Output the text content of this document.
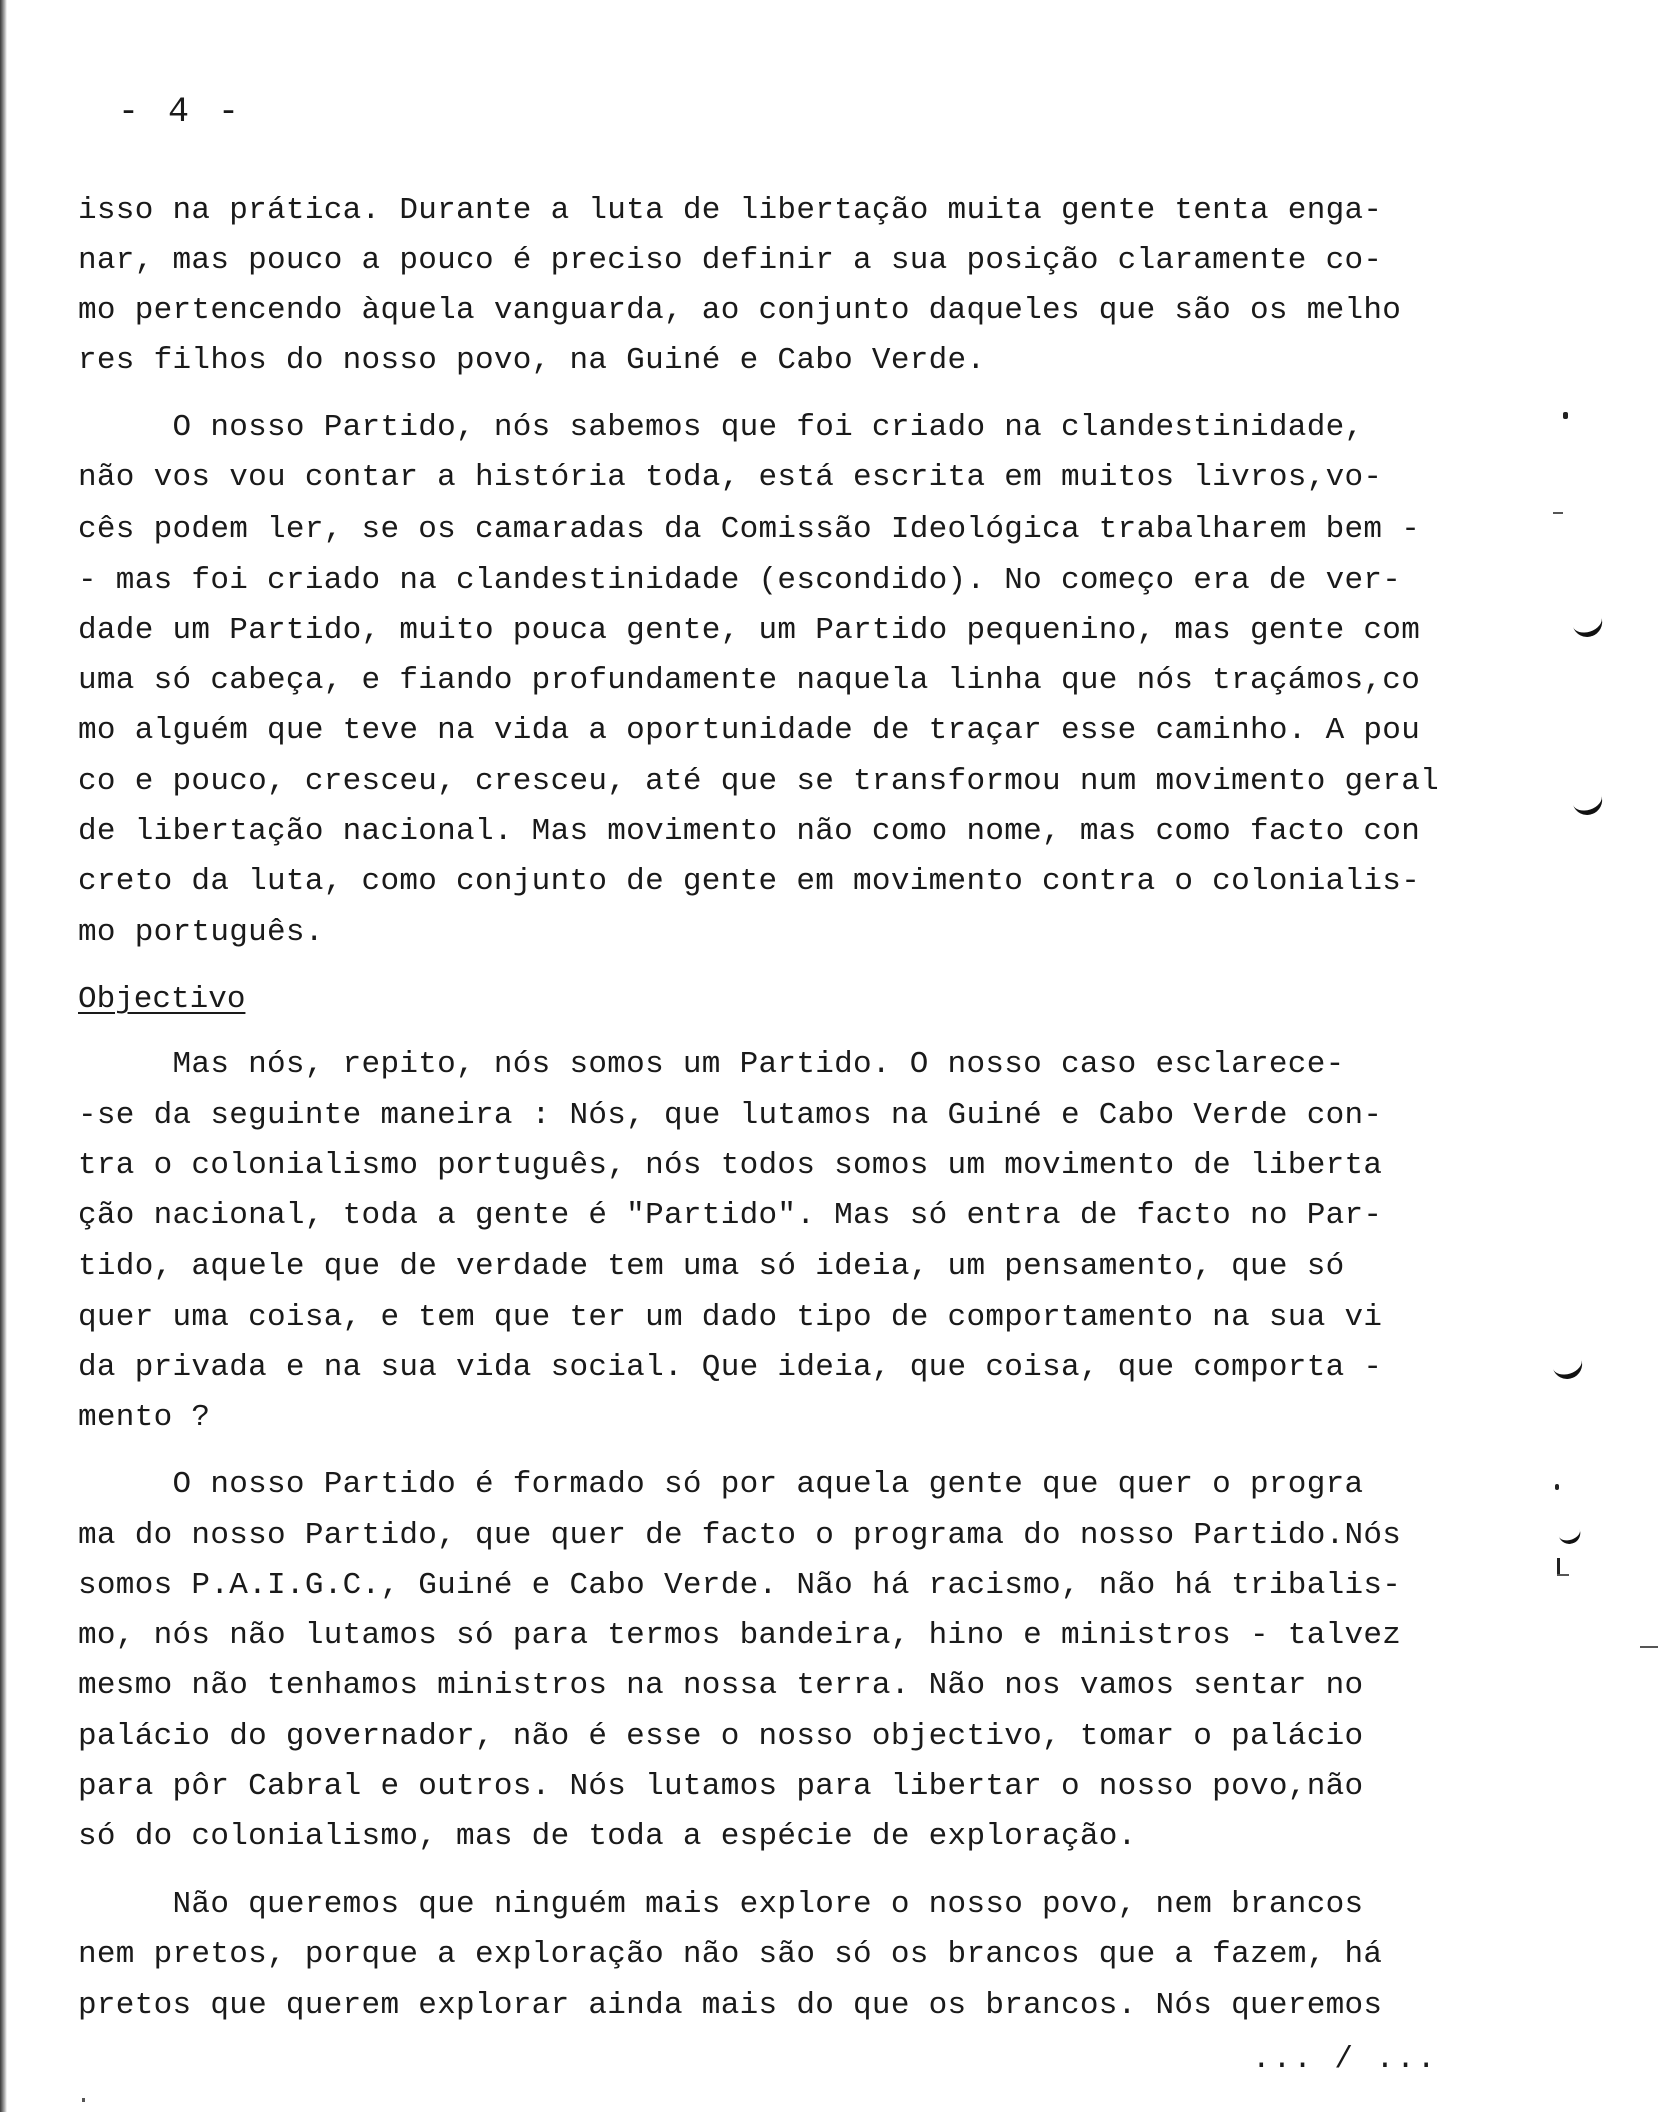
- 4 -
isso na prática. Durante a luta de libertação muita gente tenta enga-
nar, mas pouco a pouco é preciso definir a sua posição claramente co-
mo pertencendo àquela vanguarda, ao conjunto daqueles que são os melho
res filhos do nosso povo, na Guiné e Cabo Verde.
O nosso Partido, nós sabemos que foi criado na clandestinidade,
não vos vou contar a história toda, está escrita em muitos livros,vo-
cês podem ler, se os camaradas da Comissão Ideológica trabalharem bem -
- mas foi criado na clandestinidade (escondido). No começo era de ver-
dade um Partido, muito pouca gente, um Partido pequenino, mas gente com
uma só cabeça, e fiando profundamente naquela linha que nós traçámos,co
mo alguém que teve na vida a oportunidade de traçar esse caminho. A pou
co e pouco, cresceu, cresceu, até que se transformou num movimento geral
de libertação nacional. Mas movimento não como nome, mas como facto con
creto da luta, como conjunto de gente em movimento contra o colonialis-
mo português.
Objectivo
Mas nós, repito, nós somos um Partido. O nosso caso esclarece-
-se da seguinte maneira : Nós, que lutamos na Guiné e Cabo Verde con-
tra o colonialismo português, nós todos somos um movimento de liberta
ção nacional, toda a gente é "Partido". Mas só entra de facto no Par-
tido, aquele que de verdade tem uma só ideia, um pensamento, que só
quer uma coisa, e tem que ter um dado tipo de comportamento na sua vi
da privada e na sua vida social. Que ideia, que coisa, que comporta -
mento ?
O nosso Partido é formado só por aquela gente que quer o progra
ma do nosso Partido, que quer de facto o programa do nosso Partido.Nós
somos P.A.I.G.C., Guiné e Cabo Verde. Não há racismo, não há tribalis-
mo, nós não lutamos só para termos bandeira, hino e ministros - talvez
mesmo não tenhamos ministros na nossa terra. Não nos vamos sentar no
palácio do governador, não é esse o nosso objectivo, tomar o palácio
para pôr Cabral e outros. Nós lutamos para libertar o nosso povo,não
só do colonialismo, mas de toda a espécie de exploração.
Não queremos que ninguém mais explore o nosso povo, nem brancos
nem pretos, porque a exploração não são só os brancos que a fazem, há
pretos que querem explorar ainda mais do que os brancos. Nós queremos
... / ...
